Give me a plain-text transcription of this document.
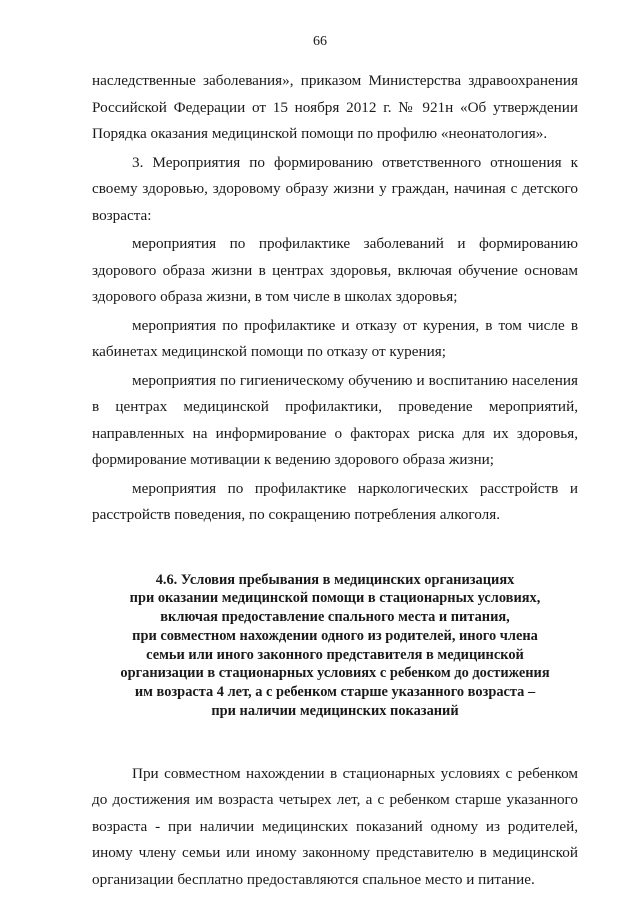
66

наследственные заболевания», приказом Министерства здравоохранения Российской Федерации от 15 ноября 2012 г. № 921н «Об утверждении Порядка оказания медицинской помощи по профилю «неонатология».

3. Мероприятия по формированию ответственного отношения к своему здоровью, здоровому образу жизни у граждан, начиная с детского возраста:

мероприятия по профилактике заболеваний и формированию здорового образа жизни в центрах здоровья, включая обучение основам здорового образа жизни, в том числе в школах здоровья;

мероприятия по профилактике и отказу от курения, в том числе в кабинетах медицинской помощи по отказу от курения;

мероприятия по гигиеническому обучению и воспитанию населения в центрах медицинской профилактики, проведение мероприятий, направленных на информирование о факторах риска для их здоровья, формирование мотивации к ведению здорового образа жизни;

мероприятия по профилактике наркологических расстройств и расстройств поведения, по сокращению потребления алкоголя.

4.6. Условия пребывания в медицинских организациях
при оказании медицинской помощи в стационарных условиях,
включая предоставление спального места и питания,
при совместном нахождении одного из родителей, иного члена
семьи или иного законного представителя в медицинской
организации в стационарных условиях с ребенком до достижения
им возраста 4 лет, а с ребенком старше указанного возраста –
при наличии медицинских показаний

При совместном нахождении в стационарных условиях с ребенком до достижения им возраста четырех лет, а с ребенком старше указанного возраста - при наличии медицинских показаний одному из родителей, иному члену семьи или иному законному представителю в медицинской организации бесплатно предоставляются спальное место и питание.
